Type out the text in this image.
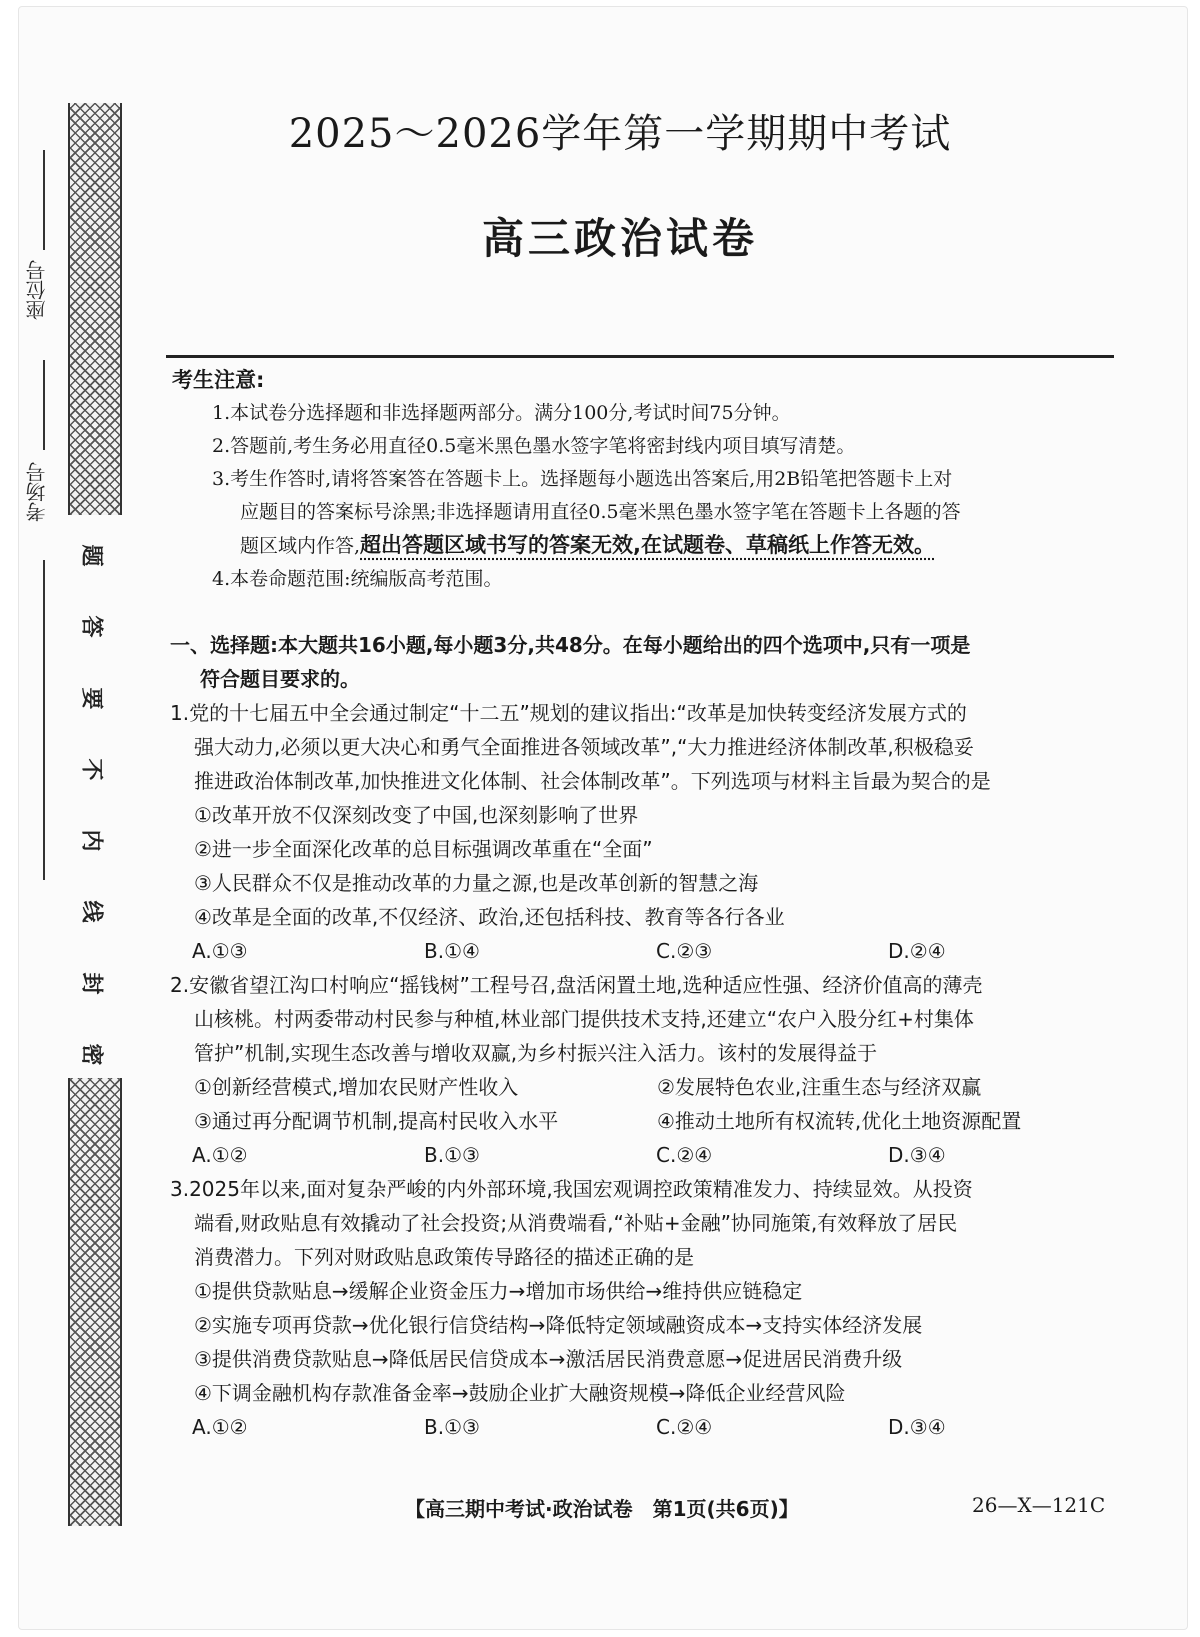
座位号
考场号
题
答
要
不
内
线
封
密
2025～2026学年第一学期期中考试
高三政治试卷
考生注意:
1.本试卷分选择题和非选择题两部分。满分100分,考试时间75分钟。
2.答题前,考生务必用直径0.5毫米黑色墨水签字笔将密封线内项目填写清楚。
3.考生作答时,请将答案答在答题卡上。选择题每小题选出答案后,用2B铅笔把答题卡上对
应题目的答案标号涂黑;非选择题请用直径0.5毫米黑色墨水签字笔在答题卡上各题的答
题区域内作答,超出答题区域书写的答案无效,在试题卷、草稿纸上作答无效。
4.本卷命题范围:统编版高考范围。
一、选择题:本大题共16小题,每小题3分,共48分。在每小题给出的四个选项中,只有一项是
符合题目要求的。
1.党的十七届五中全会通过制定“十二五”规划的建议指出:“改革是加快转变经济发展方式的
强大动力,必须以更大决心和勇气全面推进各领域改革”,“大力推进经济体制改革,积极稳妥
推进政治体制改革,加快推进文化体制、社会体制改革”。下列选项与材料主旨最为契合的是
①改革开放不仅深刻改变了中国,也深刻影响了世界
②进一步全面深化改革的总目标强调改革重在“全面”
③人民群众不仅是推动改革的力量之源,也是改革创新的智慧之海
④改革是全面的改革,不仅经济、政治,还包括科技、教育等各行各业
A.①③	B.①④	C.②③	D.②④
2.安徽省望江沟口村响应“摇钱树”工程号召,盘活闲置土地,选种适应性强、经济价值高的薄壳
山核桃。村两委带动村民参与种植,林业部门提供技术支持,还建立“农户入股分红+村集体
管护”机制,实现生态改善与增收双赢,为乡村振兴注入活力。该村的发展得益于
①创新经营模式,增加农民财产性收入	②发展特色农业,注重生态与经济双赢
③通过再分配调节机制,提高村民收入水平	④推动土地所有权流转,优化土地资源配置
A.①②	B.①③	C.②④	D.③④
3.2025年以来,面对复杂严峻的内外部环境,我国宏观调控政策精准发力、持续显效。从投资
端看,财政贴息有效撬动了社会投资;从消费端看,“补贴+金融”协同施策,有效释放了居民
消费潜力。下列对财政贴息政策传导路径的描述正确的是
①提供贷款贴息→缓解企业资金压力→增加市场供给→维持供应链稳定
②实施专项再贷款→优化银行信贷结构→降低特定领域融资成本→支持实体经济发展
③提供消费贷款贴息→降低居民信贷成本→激活居民消费意愿→促进居民消费升级
④下调金融机构存款准备金率→鼓励企业扩大融资规模→降低企业经营风险
A.①②	B.①③	C.②④	D.③④
【高三期中考试·政治试卷　第1页(共6页)】	26—X—121C
